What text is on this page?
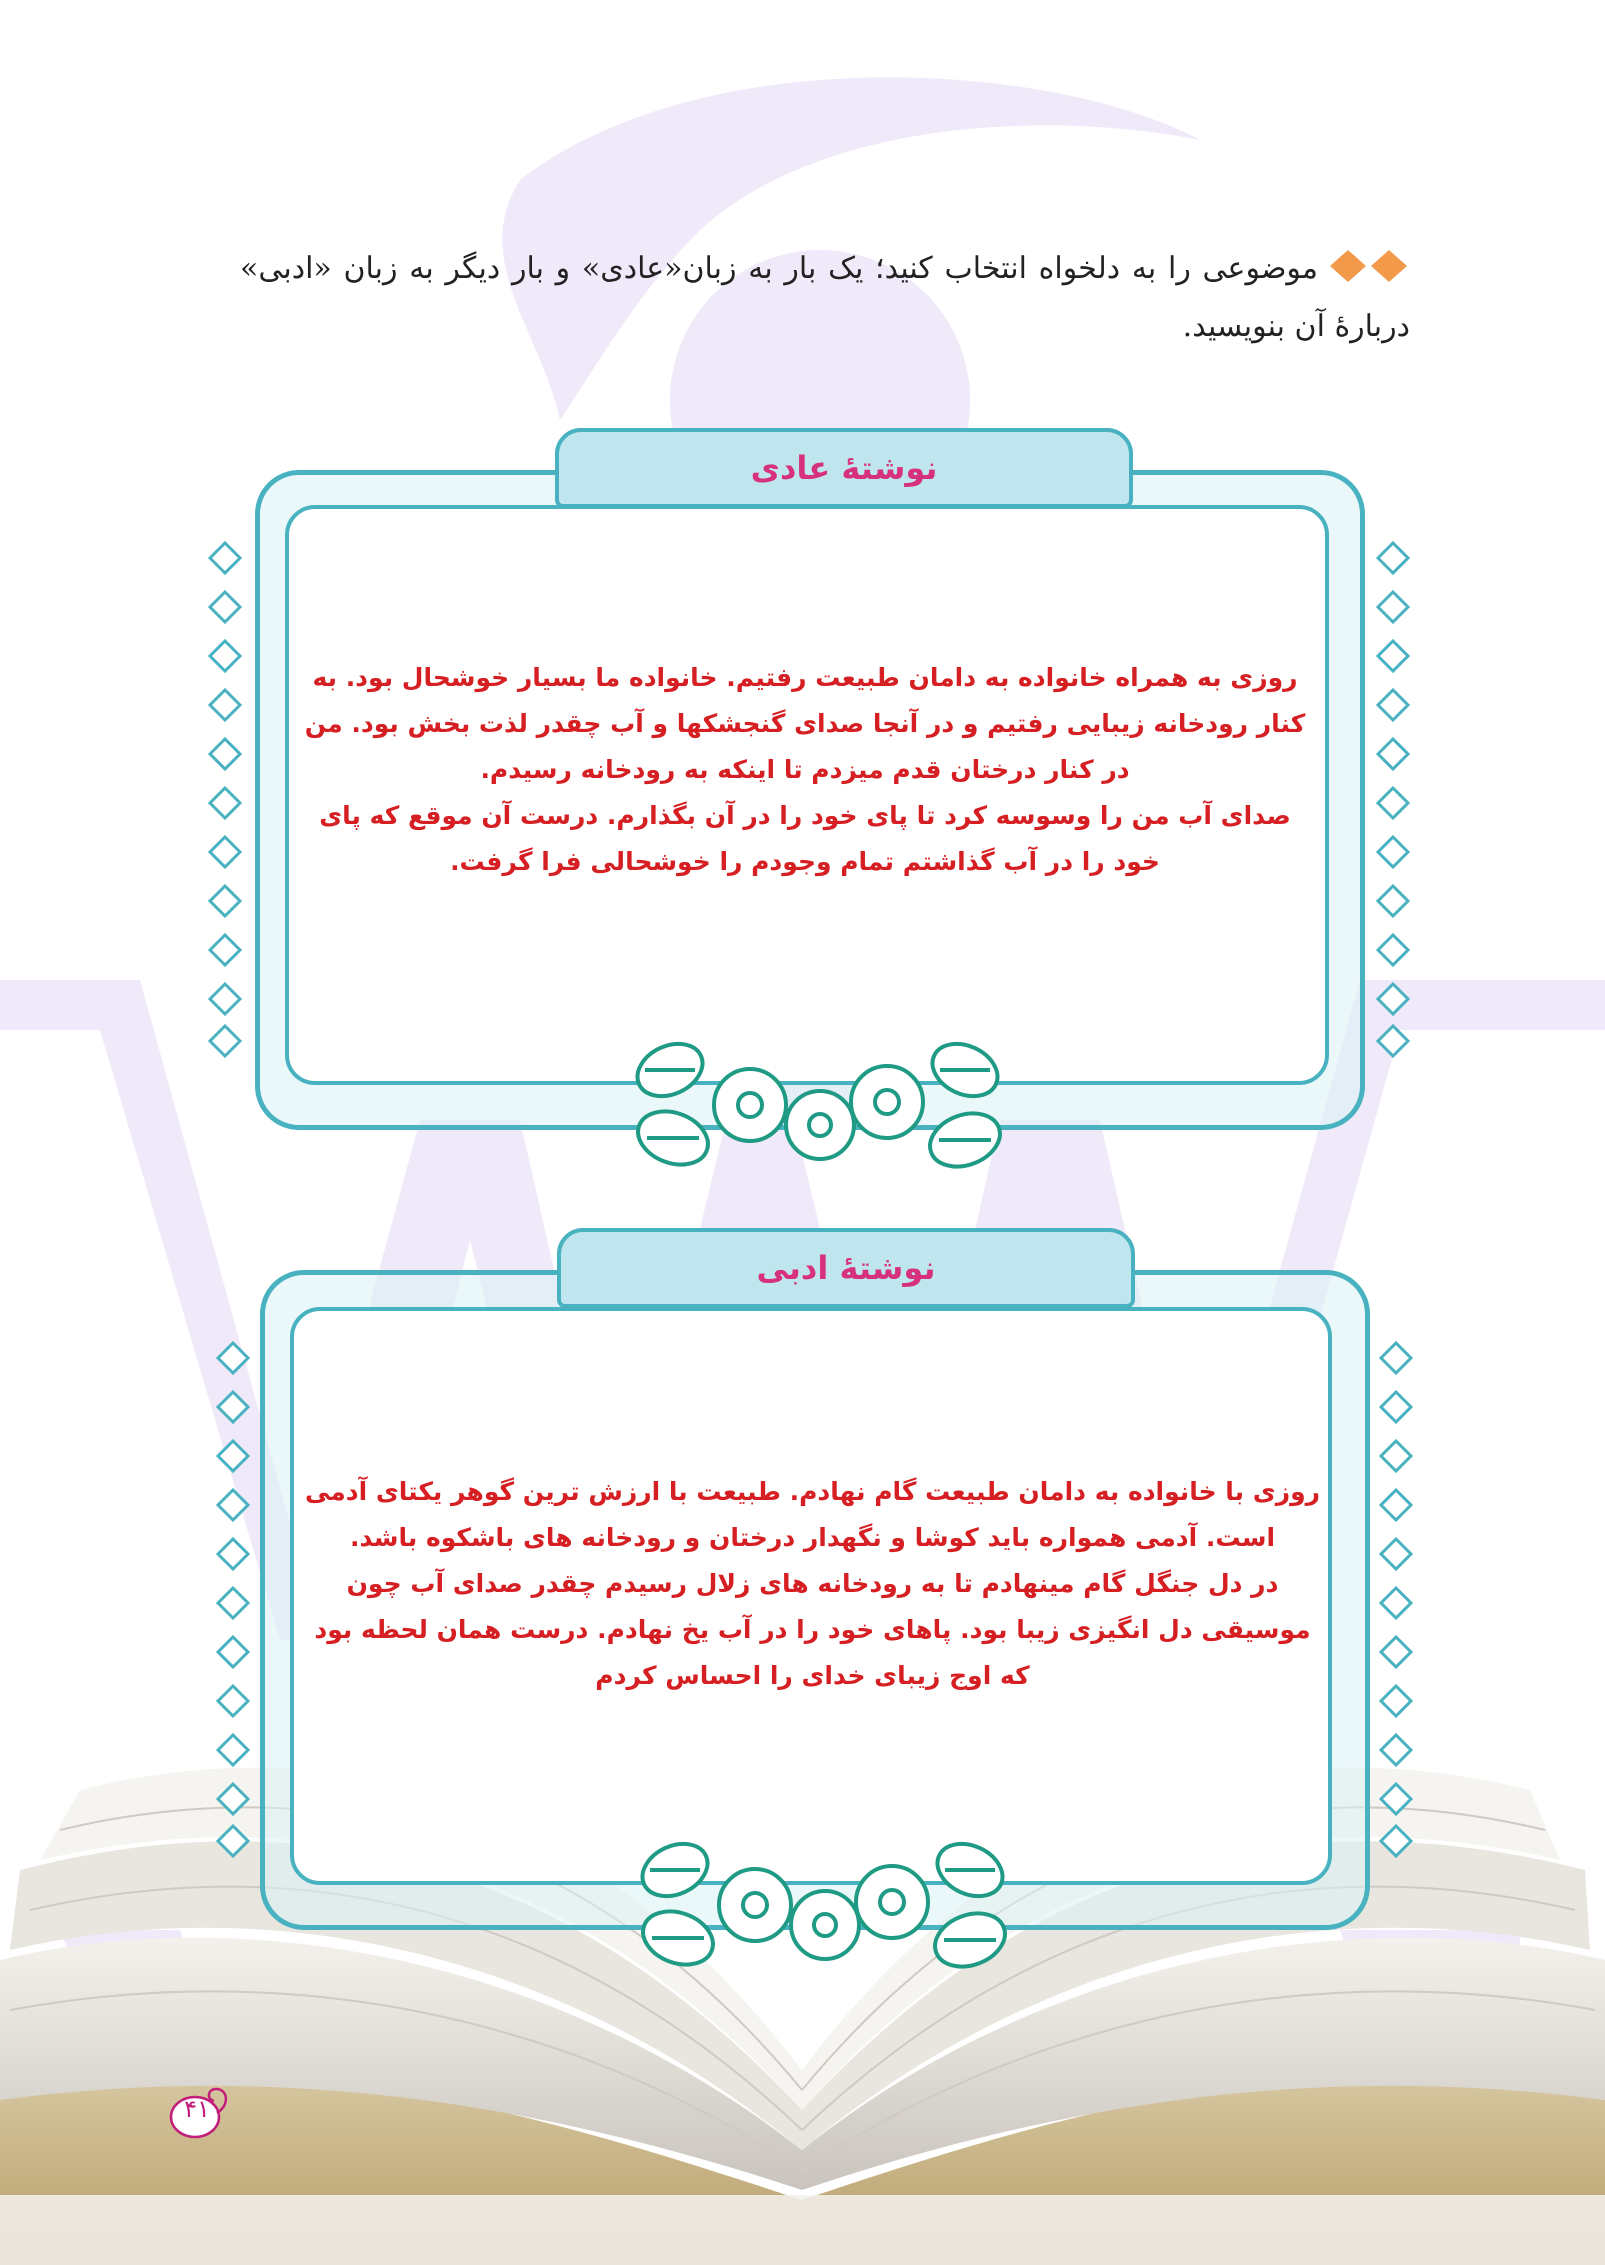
موضوعی را به دلخواه انتخاب کنید؛ یک بار به زبان«عادی» و بار دیگر به زبان «ادبی» دربارۀ آن بنویسید.
نوشتۀ عادی

روزی به همراه خانواده به دامان طبیعت رفتیم. خانواده ما بسیار خوشحال بود. به کنار رودخانه زیبایی رفتیم و در آنجا صدای گنجشکها و آب چقدر لذت بخش بود. من در کنار درختان قدم میزدم تا اینکه به رودخانه رسیدم.

صدای آب من را وسوسه کرد تا پای خود را در آن بگذارم. درست آن موقع که پای خود را در آب گذاشتم تمام وجودم را خوشحالی فرا گرفت.

نوشتۀ ادبی

روزی با خانواده به دامان طبیعت گام نهادم. طبیعت با ارزش ترین گوهر یکتای آدمی است. آدمی همواره باید کوشا و نگهدار درختان و رودخانه های باشکوه باشد.

در دل جنگل گام مینهادم تا به رودخانه های زلال رسیدم چقدر صدای آب چون موسیقی دل انگیزی زیبا بود. پاهای خود را در آب یخ نهادم. درست همان لحظه بود که اوج زیبای خدای را احساس کردم

۴۱
